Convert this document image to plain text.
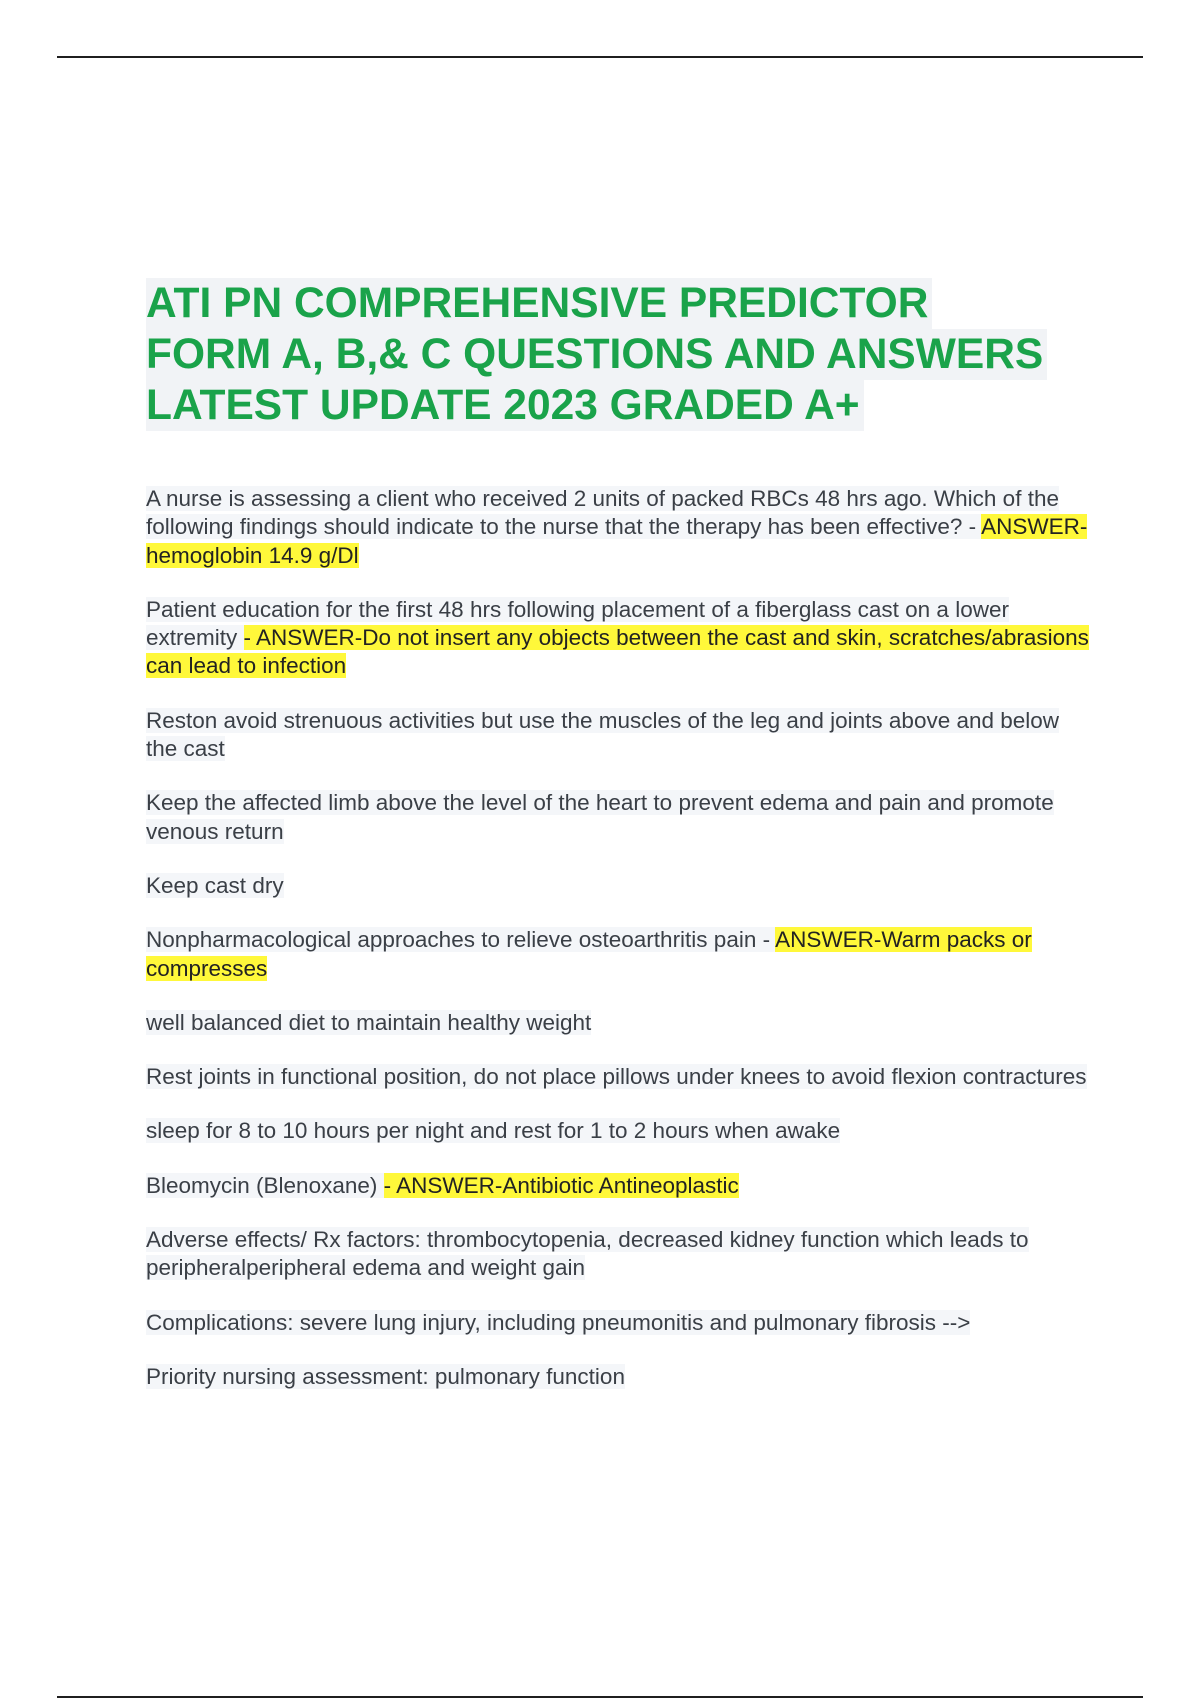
ATI PN COMPREHENSIVE PREDICTOR
FORM A, B,& C QUESTIONS AND ANSWERS
LATEST UPDATE 2023 GRADED A+

A nurse is assessing a client who received 2 units of packed RBCs 48 hrs ago. Which of the following findings should indicate to the nurse that the therapy has been effective? - ANSWER-hemoglobin 14.9 g/Dl

Patient education for the first 48 hrs following placement of a fiberglass cast on a lower extremity - ANSWER-Do not insert any objects between the cast and skin, scratches/abrasions can lead to infection

Reston avoid strenuous activities but use the muscles of the leg and joints above and below the cast

Keep the affected limb above the level of the heart to prevent edema and pain and promote venous return

Keep cast dry

Nonpharmacological approaches to relieve osteoarthritis pain - ANSWER-Warm packs or compresses

well balanced diet to maintain healthy weight

Rest joints in functional position, do not place pillows under knees to avoid flexion contractures

sleep for 8 to 10 hours per night and rest for 1 to 2 hours when awake

Bleomycin (Blenoxane) - ANSWER-Antibiotic Antineoplastic

Adverse effects/ Rx factors: thrombocytopenia, decreased kidney function which leads to peripheralperipheral edema and weight gain

Complications: severe lung injury, including pneumonitis and pulmonary fibrosis -->

Priority nursing assessment: pulmonary function
